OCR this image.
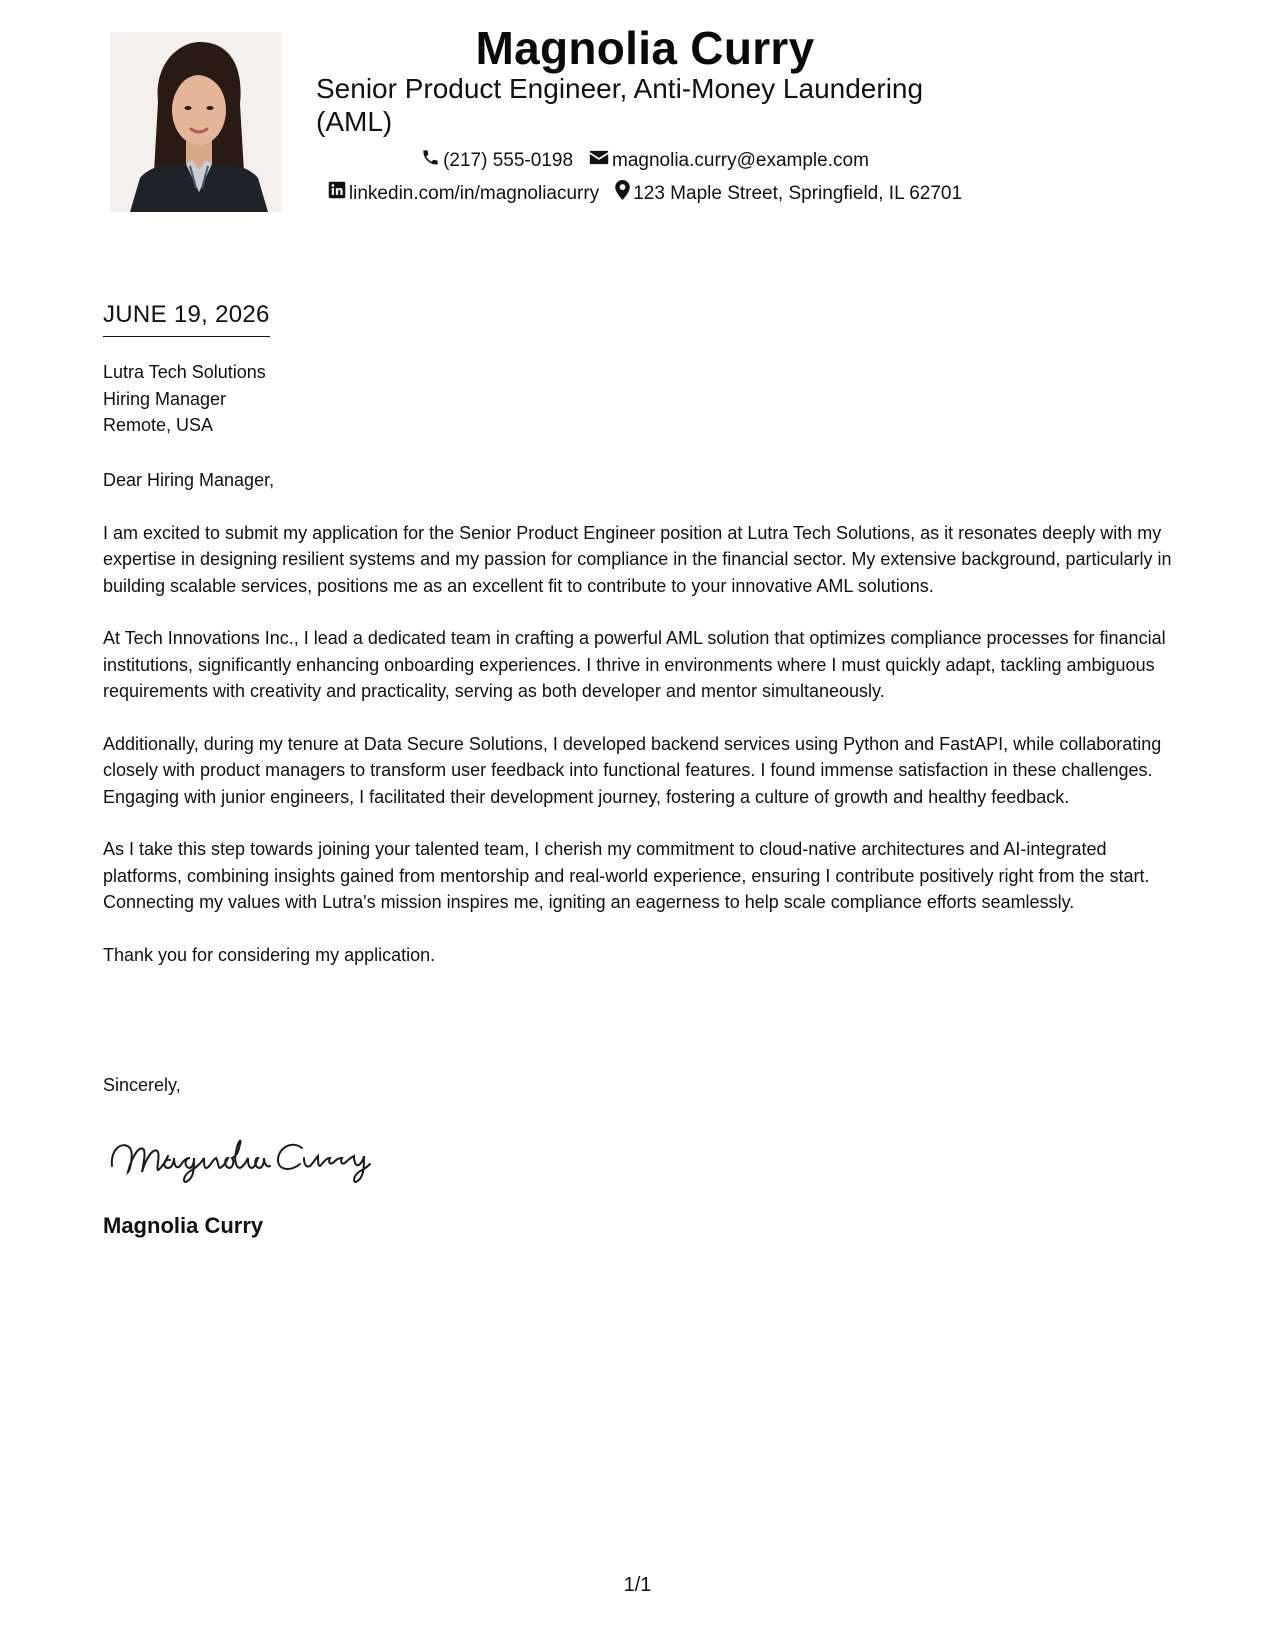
Magnolia Curry
Senior Product Engineer, Anti-Money Laundering (AML)
(217) 555-0198 magnolia.curry@example.com
linkedin.com/in/magnoliacurry 123 Maple Street, Springfield, IL 62701
JUNE 19, 2026
Lutra Tech Solutions
Hiring Manager
Remote, USA

Dear Hiring Manager,

I am excited to submit my application for the Senior Product Engineer position at Lutra Tech Solutions, as it resonates deeply with my expertise in designing resilient systems and my passion for compliance in the financial sector. My extensive background, particularly in building scalable services, positions me as an excellent fit to contribute to your innovative AML solutions.

At Tech Innovations Inc., I lead a dedicated team in crafting a powerful AML solution that optimizes compliance processes for financial institutions, significantly enhancing onboarding experiences. I thrive in environments where I must quickly adapt, tackling ambiguous requirements with creativity and practicality, serving as both developer and mentor simultaneously.

Additionally, during my tenure at Data Secure Solutions, I developed backend services using Python and FastAPI, while collaborating closely with product managers to transform user feedback into functional features. I found immense satisfaction in these challenges. Engaging with junior engineers, I facilitated their development journey, fostering a culture of growth and healthy feedback.

As I take this step towards joining your talented team, I cherish my commitment to cloud-native architectures and AI-integrated platforms, combining insights gained from mentorship and real-world experience, ensuring I contribute positively right from the start. Connecting my values with Lutra's mission inspires me, igniting an eagerness to help scale compliance efforts seamlessly.

Thank you for considering my application.

Sincerely,
Magnolia Curry
1/1
